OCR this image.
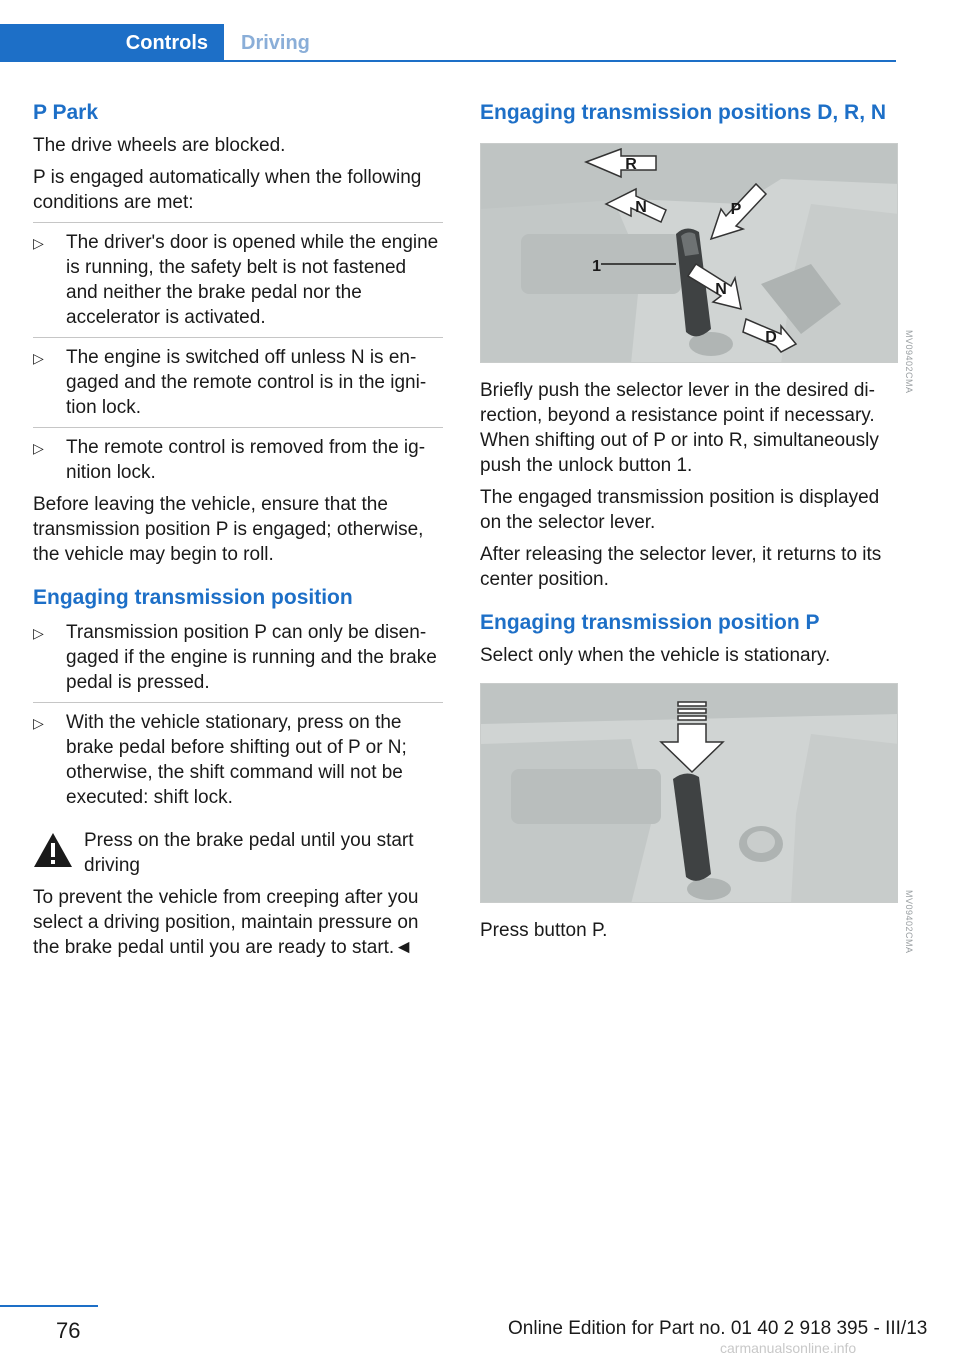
Controls	Driving
P Park

The drive wheels are blocked.

P is engaged automatically when the following conditions are met:

▷	The driver's door is opened while the engine is running, the safety belt is not fastened and neither the brake pedal nor the accelerator is activated.
▷	The engine is switched off unless N is engaged and the remote control is in the ignition lock.
▷	The remote control is removed from the ignition lock.

Before leaving the vehicle, ensure that the transmission position P is engaged; otherwise, the vehicle may begin to roll.

Engaging transmission position
▷	Transmission position P can only be disengaged if the engine is running and the brake pedal is pressed.
▷	With the vehicle stationary, press on the brake pedal before shifting out of P or N; otherwise, the shift command will not be executed: shift lock.

Press on the brake pedal until you start driving

To prevent the vehicle from creeping after you select a driving position, maintain pressure on the brake pedal until you are ready to start.◄

Engaging transmission positions D, R, N
1
R
N	P
N
D	MV09402CMA

Briefly push the selector lever in the desired direction, beyond a resistance point if necessary. When shifting out of P or into R, simultaneously push the unlock button 1.

The engaged transmission position is displayed on the selector lever.

After releasing the selector lever, it returns to its center position.

Engaging transmission position P

Select only when the vehicle is stationary.

MV09402CMA

Press button P.

76	Online Edition for Part no. 01 40 2 918 395 - III/13
carmanualsonline.info
